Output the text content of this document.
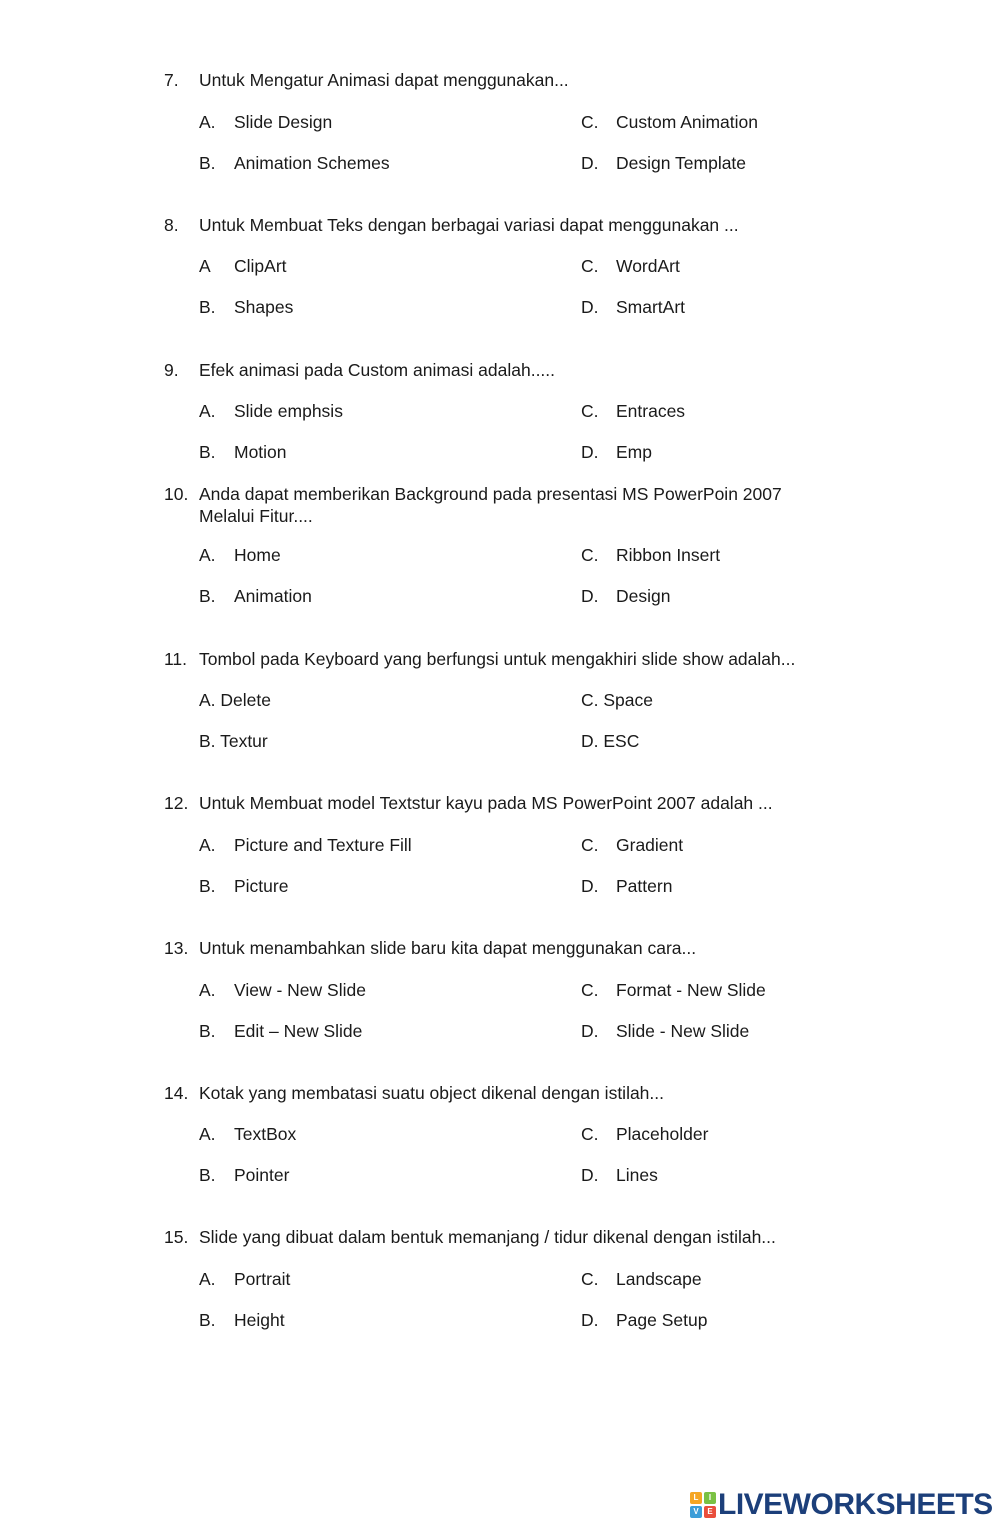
7. Untuk Mengatur Animasi dapat menggunakan...
A. Slide Design	C. Custom Animation
B. Animation Schemes	D. Design Template
8. Untuk Membuat Teks dengan berbagai variasi dapat menggunakan ...
A ClipArt	C. WordArt
B. Shapes	D. SmartArt
9. Efek animasi pada Custom animasi adalah.....
A. Slide emphsis	C. Entraces
B. Motion	D. Emp
10. Anda dapat memberikan Background pada presentasi MS PowerPoin 2007 Melalui Fitur....
A. Home	C. Ribbon Insert
B. Animation	D. Design
11. Tombol pada Keyboard yang berfungsi untuk mengakhiri slide show adalah...
A. Delete	C. Space
B. Textur	D. ESC
12. Untuk Membuat model Textstur kayu pada MS PowerPoint 2007 adalah ...
A. Picture and Texture Fill	C. Gradient
B. Picture	D. Pattern
13. Untuk menambahkan slide baru kita dapat menggunakan cara...
A. View - New Slide	C. Format - New Slide
B. Edit – New Slide	D. Slide - New Slide
14. Kotak yang membatasi suatu object dikenal dengan istilah...
A. TextBox	C. Placeholder
B. Pointer	D. Lines
15. Slide yang dibuat dalam bentuk memanjang / tidur dikenal dengan istilah...
A. Portrait	C. Landscape
B. Height	D. Page Setup
L	I
V	E LIVEWORKSHEETS
